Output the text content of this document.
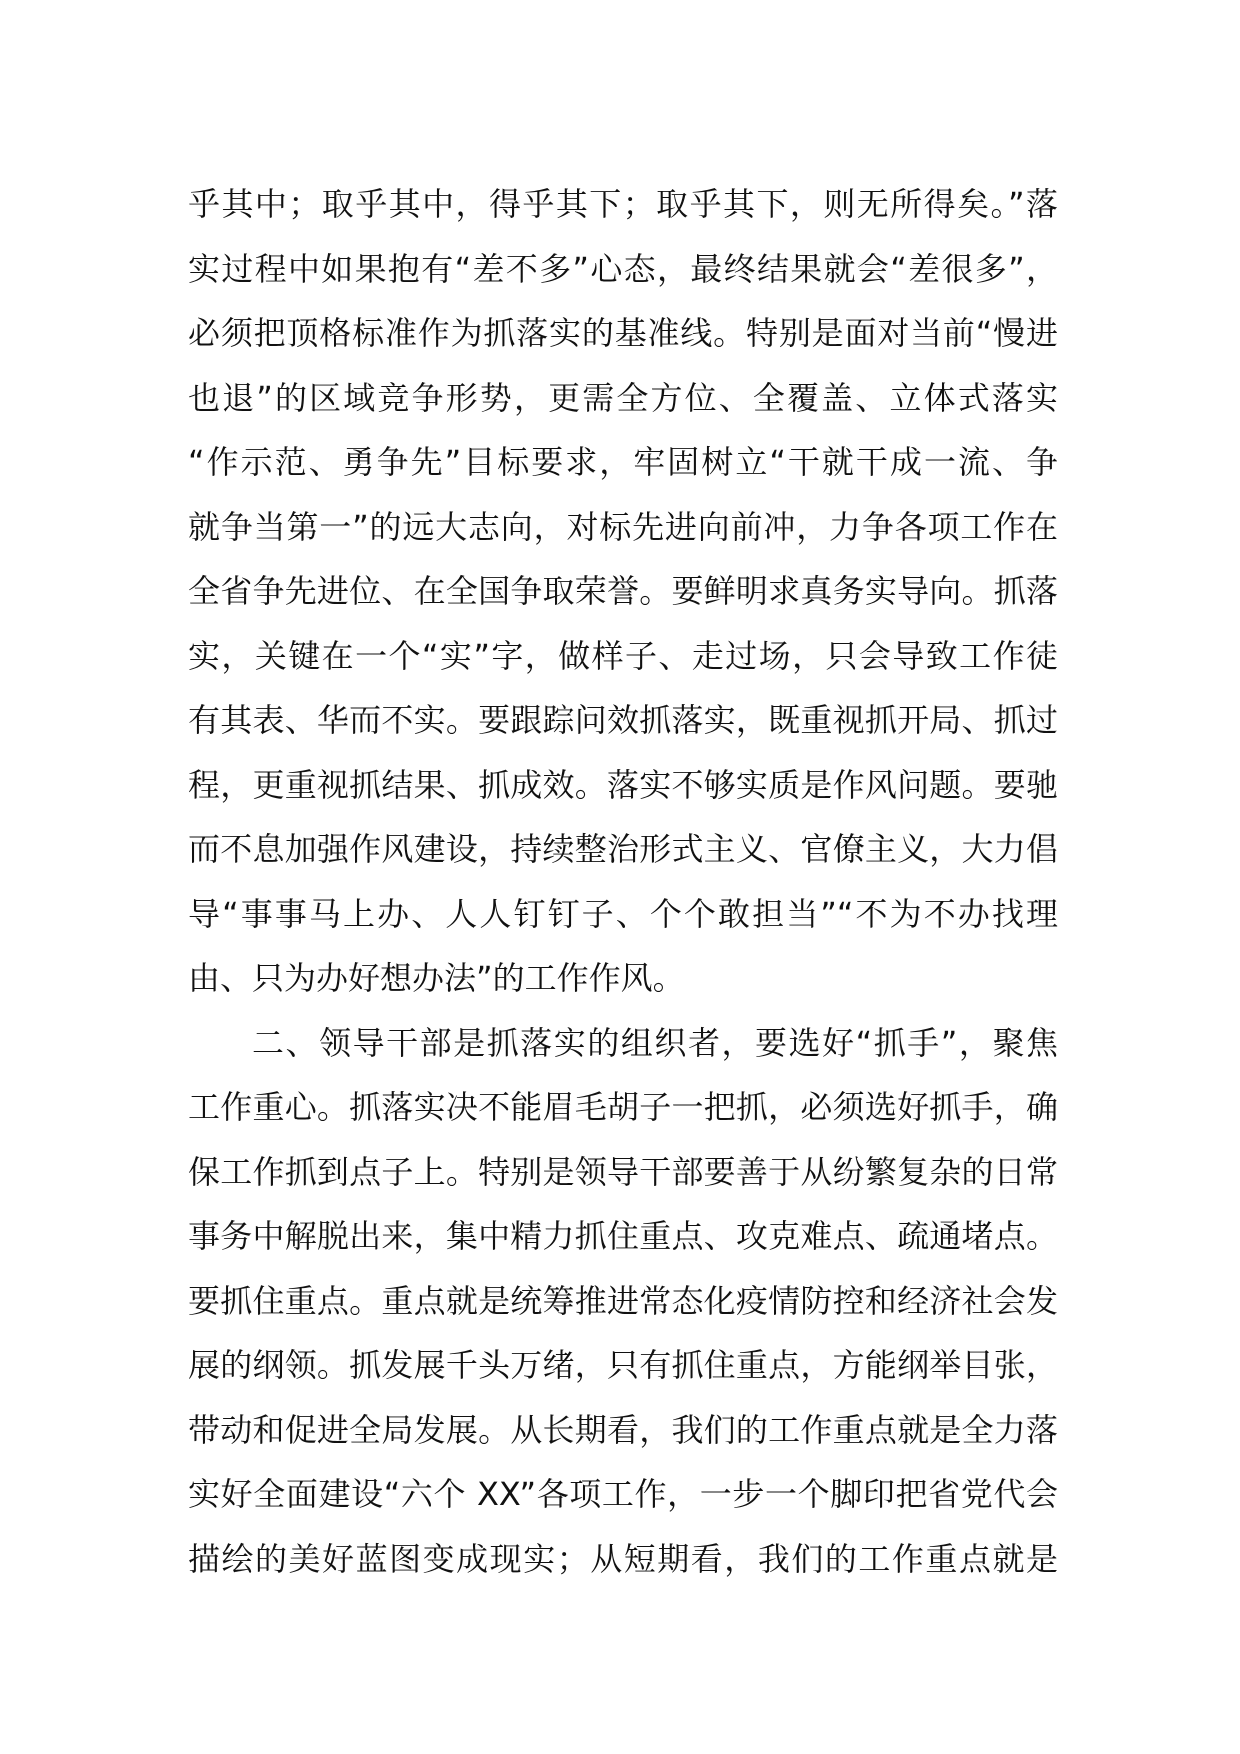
乎其中；取乎其中，得乎其下；取乎其下，则无所得矣。”落
实过程中如果抱有“差不多”心态，最终结果就会“差很多”，
必须把顶格标准作为抓落实的基准线。特别是面对当前“慢进
也退”的区域竞争形势，更需全方位、全覆盖、立体式落实
“作示范、勇争先”目标要求，牢固树立“干就干成一流、争
就争当第一”的远大志向，对标先进向前冲，力争各项工作在
全省争先进位、在全国争取荣誉。要鲜明求真务实导向。抓落
实，关键在一个“实”字，做样子、走过场，只会导致工作徒
有其表、华而不实。要跟踪问效抓落实，既重视抓开局、抓过
程，更重视抓结果、抓成效。落实不够实质是作风问题。要驰
而不息加强作风建设，持续整治形式主义、官僚主义，大力倡
导“事事马上办、人人钉钉子、个个敢担当”“不为不办找理
由、只为办好想办法”的工作作风。
二、领导干部是抓落实的组织者，要选好“抓手”，聚焦
工作重心。抓落实决不能眉毛胡子一把抓，必须选好抓手，确
保工作抓到点子上。特别是领导干部要善于从纷繁复杂的日常
事务中解脱出来，集中精力抓住重点、攻克难点、疏通堵点。
要抓住重点。重点就是统筹推进常态化疫情防控和经济社会发
展的纲领。抓发展千头万绪，只有抓住重点，方能纲举目张，
带动和促进全局发展。从长期看，我们的工作重点就是全力落
实好全面建设“六个 XX”各项工作，一步一个脚印把省党代会
描绘的美好蓝图变成现实；从短期看，我们的工作重点就是
